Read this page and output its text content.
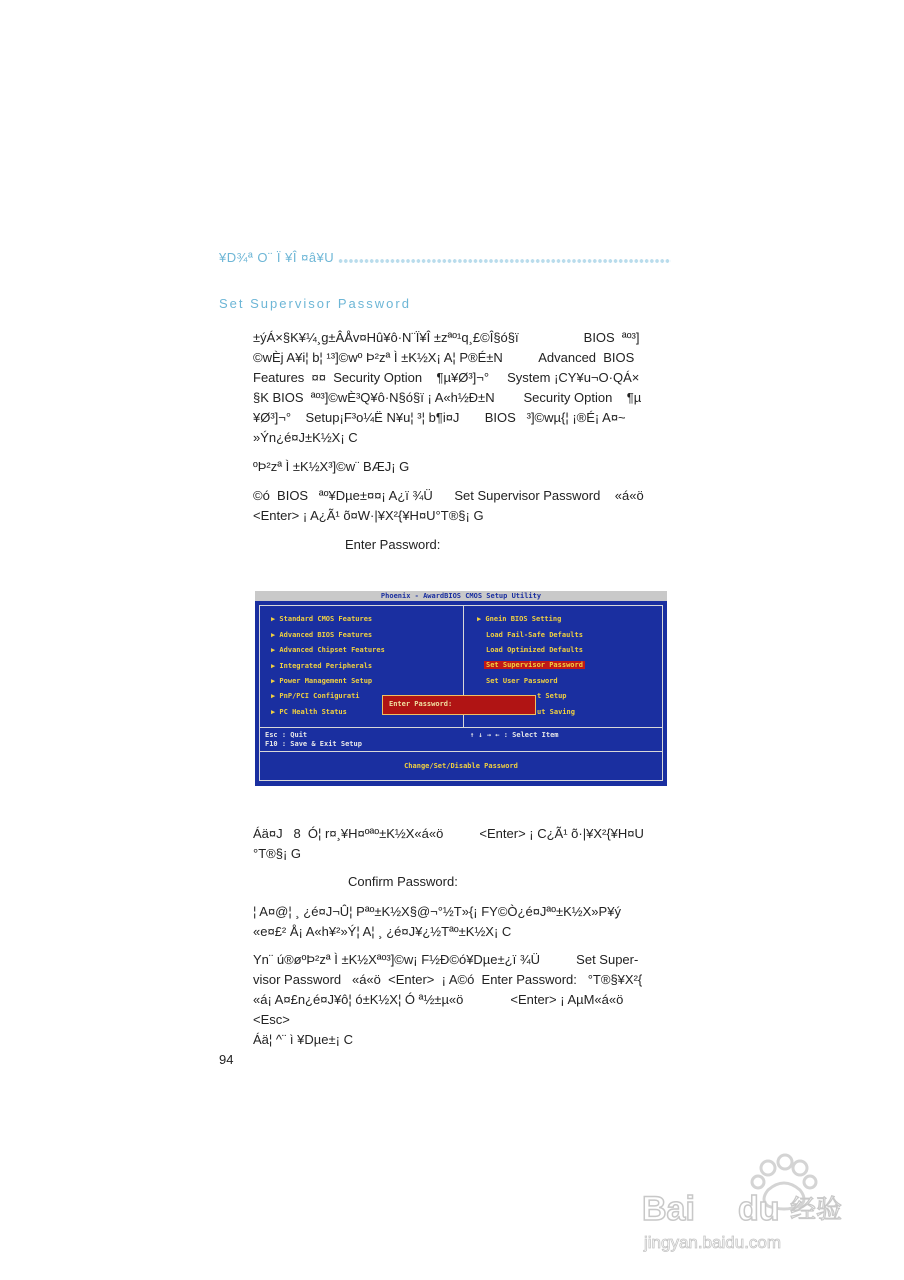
¥D¾ª O¨ Ï ¥Î ¤â¥U
Set Supervisor Password
±ýÁ×§K¥¼¸g±ÂÅv¤Hû¥ô·N¨Ï¥Î ±zªº¹q¸£©Î§ó§ï                  BIOS  ªº³]
©wÈj A¥i¦ b¦ ¹³]©wº Þ²zª Ì ±K½X¡ A¦ P®É±N          Advanced  BIOS
Features  ¤¤  Security Option    ¶µ¥Ø³]¬°     System ¡CY¥u¬O·QÁ×
§K BIOS  ªº³]©wÈ³Q¥ô·N§ó§ï ¡ A«h½Ð±N        Security Option    ¶µ
¥Ø³]¬°    Setup¡F³o¼Ë N¥u¦ ³¦ b¶i¤J       BIOS   ³]©wµ{¦ ¡®É¡ A¤~
»Ýn¿é¤J±K½X¡ C
ºÞ²zª Ì ±K½X³]©w¨ BÆJ¡ G
©ó  BIOS   ªº¥Dµe±¤¤¡ A¿ï ¾Ü      Set Supervisor Password    «á«ö
<Enter> ¡ A¿Ã¹ õ¤W·|¥X²{¥H¤U°T®§¡ G
Enter Password:
Phoenix - AwardBIOS CMOS Setup Utility
▶ Standard CMOS Features
▶ Advanced BIOS Features
▶ Advanced Chipset Features
▶ Integrated Peripherals
▶ Power Management Setup
▶ PnP/PCI Configurati
▶ PC Health Status
▶ Gnein BIOS Setting
Load Fail-Safe Defaults
Load Optimized Defaults
Set Supervisor Password
Set User Password
t Setup
ut Saving
Enter Password:
Esc : Quit
F10 : Save & Exit Setup
↑ ↓ → ← : Select Item
Change/Set/Disable Password
Áä¤J   8  Ó¦ r¤¸¥H¤ºªº±K½X«á«ö          <Enter> ¡ C¿Ã¹ õ·|¥X²{¥H¤U
°T®§¡ G
Confirm Password:
¦ A¤@¦ ¸ ¿é¤J¬Û¦ Pªº±K½X§@¬°½T»{¡ FY©Ò¿é¤Jªº±K½X»P¥ý
«e¤£² Å¡ A«h¥²»Ý¦ A¦ ¸ ¿é¤J¥¿½Tªº±K½X¡ C
Yn¨ ú®øºÞ²zª Ì ±K½Xªº³]©w¡ F½Ð©ó¥Dµe±¿ï ¾Ü          Set Super-
visor Password   «á«ö  <Enter>  ¡ A©ó  Enter Password:   °T®§¥X²{
«á¡ A¤£n¿é¤J¥ô¦ ó±K½X¦ Ó ª½±µ«ö             <Enter> ¡ AµM«á«ö    <Esc>
Áä¦ ^¨ ì ¥Dµe±¡ C
94
Bai du 经验
jingyan.baidu.com
